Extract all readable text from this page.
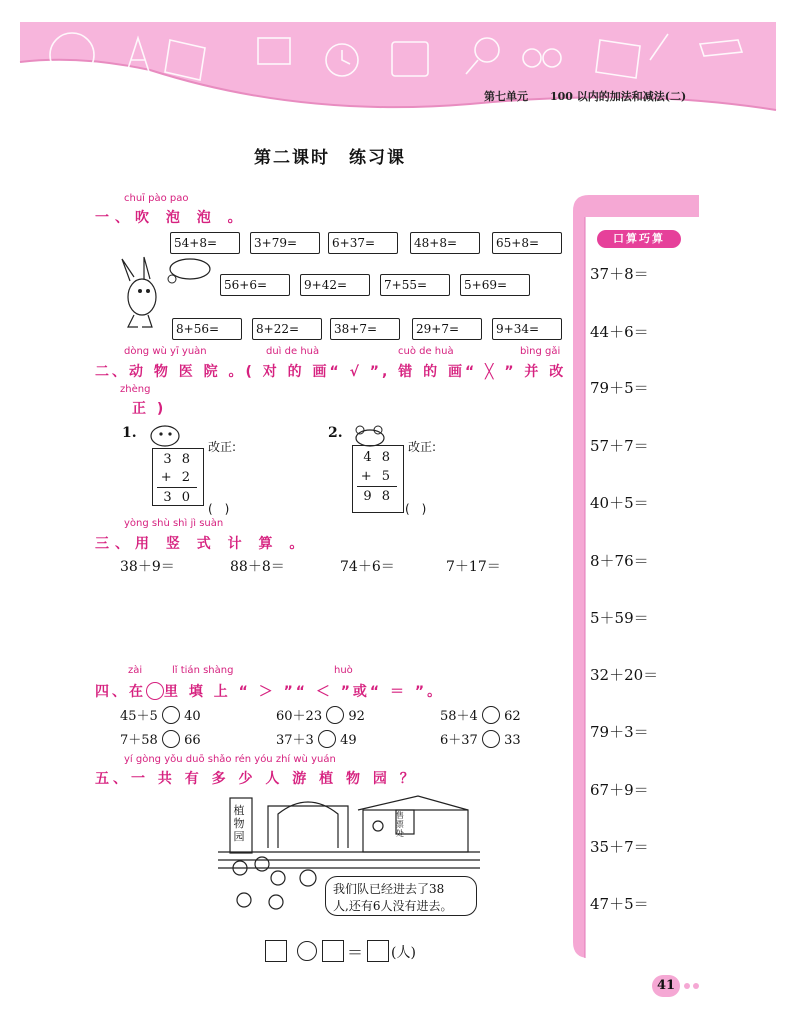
第七单元 100 以内的加法和减法(二)
第二课时　练习课
chuī pào pao
一、吹 泡 泡 。
54+8=	3+79=	6+37=	48+8=	65+8=
56+6=	9+42=	7+55=	5+69=
8+56=	8+22=	38+7=	29+7=	9+34=
dòng wù yī yuàn	duì de huà	cuò de huà	bìng gǎi
二、动 物 医 院 。( 对 的 画“ √ ”, 错 的 画“ ╳ ” 并 改
zhèng
正 )
1.
3 8
+ 2
3 0
改正:
(　)
2.
4 8
+ 5
9 8
改正:
(　)
yòng shù shì jì suàn
三、用 竖 式 计 算 。
38＋9＝	88＋8＝	74＋6＝	7＋17＝
zài	lǐ tián shàng	huò
四、在 里 填 上 “ ＞ ”“ ＜ ”或“ ＝ ”。
45＋5 40	60＋23 92	58＋4 62
7＋58 66	37＋3 49	6＋37 33
yí gòng yǒu duō shǎo rén yóu zhí wù yuán
五、一 共 有 多 少 人 游 植 物 园 ？
植物园
售票处
我们队已经进去了38
人,还有6人没有进去。
＝ (人)
口算巧算
37＋8＝
44＋6＝
79＋5＝
57＋7＝
40＋5＝
8＋76＝
5＋59＝
32＋20＝
79＋3＝
67＋9＝
35＋7＝
47＋5＝
41
